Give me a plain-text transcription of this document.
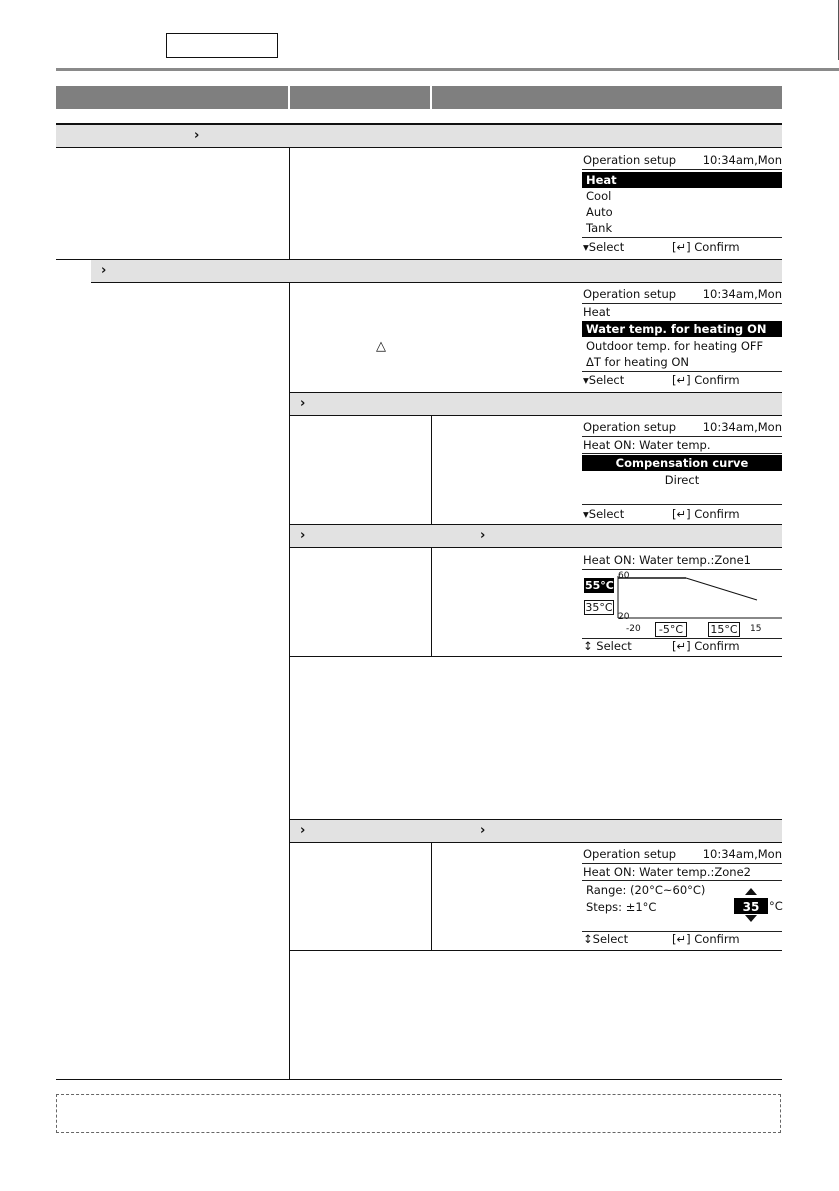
›
›
△
›
›	›
›	›
Operation setup 10:34am,Mon
Heat
Cool
Auto
Tank
▾Select	[↵] Confirm
Operation setup 10:34am,Mon
Heat
Water temp. for heating ON
Outdoor temp. for heating OFF
ΔT for heating ON
▾Select	[↵] Confirm
Operation setup 10:34am,Mon
Heat ON: Water temp.
Compensation curve
Direct
▾Select	[↵] Confirm
Heat ON: Water temp.:Zone1
55°C
35°C
60
20
-20	15
-5°C	15°C
↕ Select	[↵] Confirm
Operation setup 10:34am,Mon
Heat ON: Water temp.:Zone2
Range: (20°C~60°C)
Steps: ±1°C	35 °C
↕Select	[↵] Confirm
